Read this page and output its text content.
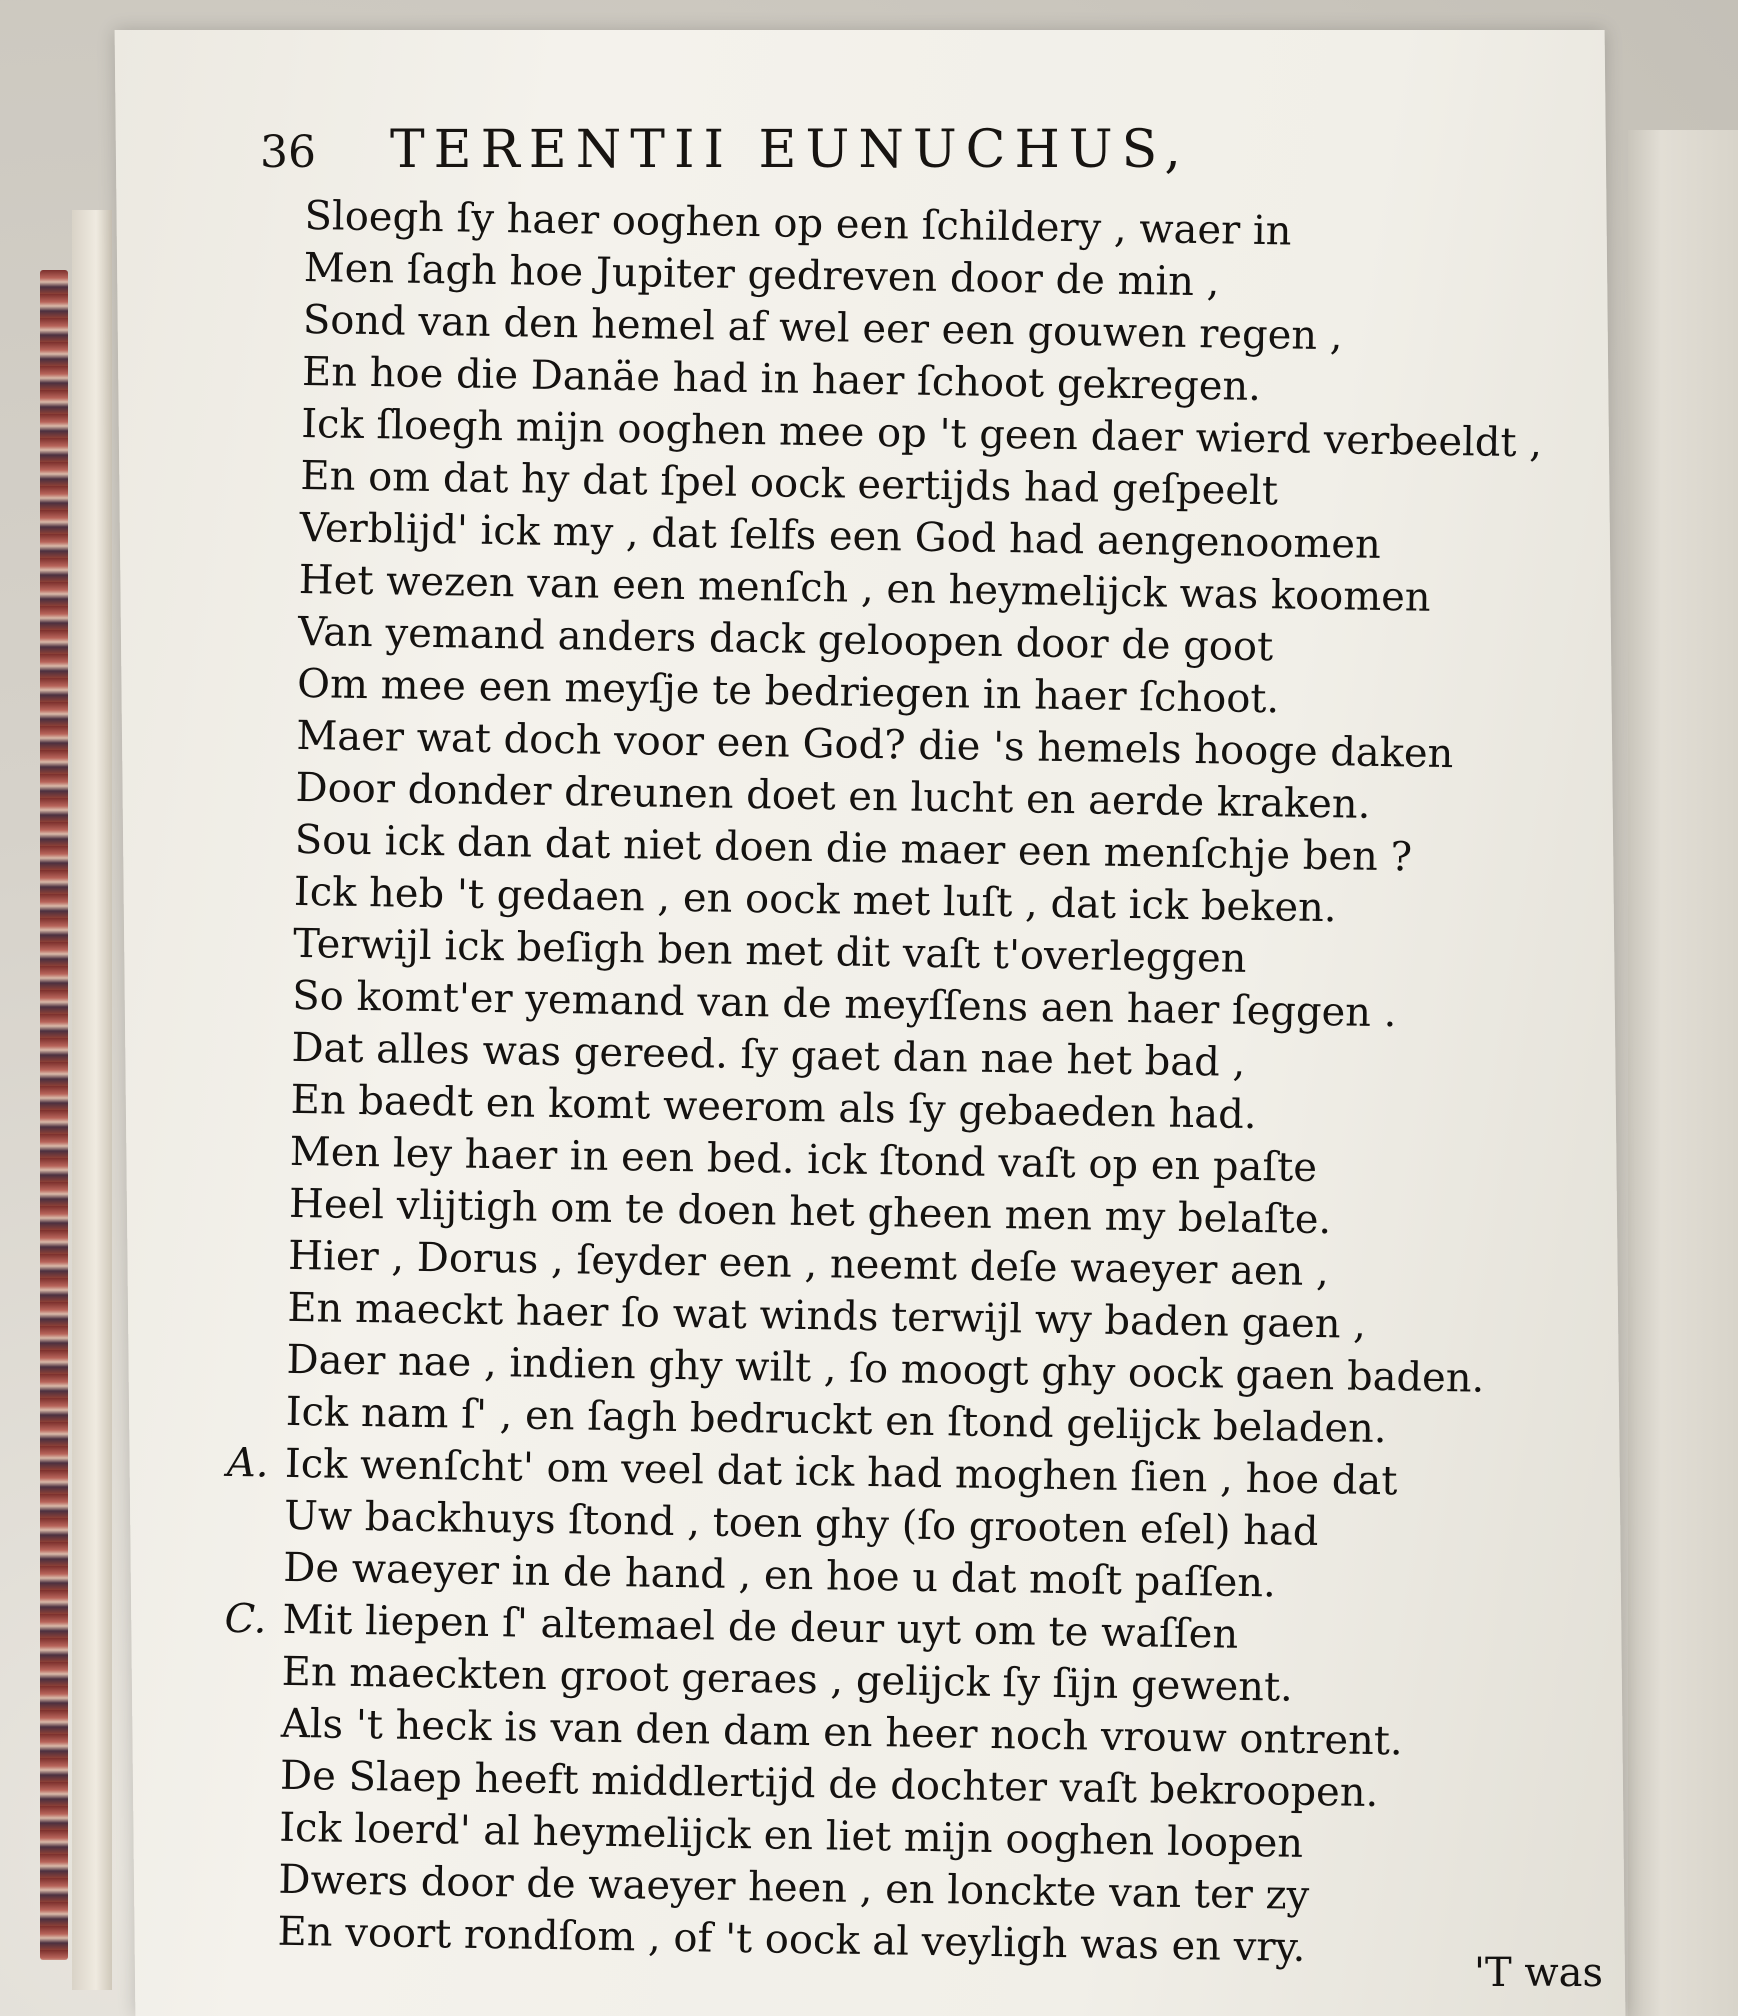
36	TERENTII EUNUCHUS,
Sloegh ſy haer ooghen op een ſchildery , waer in
Men ſagh hoe Jupiter gedreven door de min ,
Sond van den hemel af wel eer een gouwen regen ,
En hoe die Danäe had in haer ſchoot gekregen.
Ick ſloegh mijn ooghen mee op 't geen daer wierd verbeeldt ,
En om dat hy dat ſpel oock eertijds had geſpeelt
Verblijd' ick my , dat ſelfs een God had aengenoomen
Het wezen van een menſch , en heymelijck was koomen
Van yemand anders dack geloopen door de goot
Om mee een meyſje te bedriegen in haer ſchoot.
Maer wat doch voor een God? die 's hemels hooge daken
Door donder dreunen doet en lucht en aerde kraken.
Sou ick dan dat niet doen die maer een menſchje ben ?
Ick heb 't gedaen , en oock met luſt , dat ick beken.
Terwijl ick beſigh ben met dit vaſt t'overleggen
So komt'er yemand van de meyſſens aen haer ſeggen .
Dat alles was gereed. ſy gaet dan nae het bad ,
En baedt en komt weerom als ſy gebaeden had.
Men ley haer in een bed. ick ſtond vaſt op en paſte
Heel vlijtigh om te doen het gheen men my belaſte.
Hier , Dorus , ſeyder een , neemt deſe waeyer aen ,
En maeckt haer ſo wat winds terwijl wy baden gaen ,
Daer nae , indien ghy wilt , ſo moogt ghy oock gaen baden.
Ick nam ſ' , en ſagh bedruckt en ſtond gelijck beladen.
A. Ick wenſcht' om veel dat ick had moghen ſien , hoe dat
Uw backhuys ſtond , toen ghy (ſo grooten eſel) had
De waeyer in de hand , en hoe u dat moſt paſſen.
C. Mit liepen ſ' altemael de deur uyt om te waſſen
En maeckten groot geraes , gelijck ſy ſijn gewent.
Als 't heck is van den dam en heer noch vrouw ontrent.
De Slaep heeft middlertijd de dochter vaſt bekroopen.
Ick loerd' al heymelijck en liet mijn ooghen loopen
Dwers door de waeyer heen , en lonckte van ter zy
En voort rondſom , of 't oock al veyligh was en vry.
'T was
